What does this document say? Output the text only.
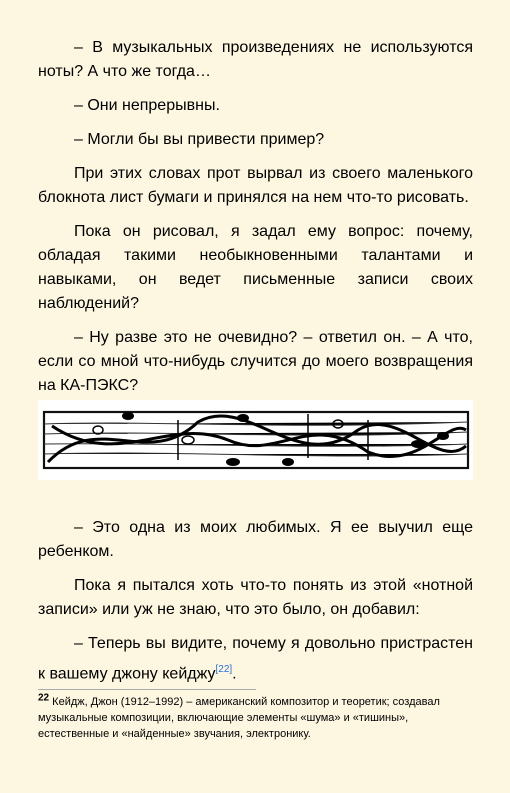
– В музыкальных произведениях не используются ноты? А что же тогда…

– Они непрерывны.

– Могли бы вы привести пример?

При этих словах прот вырвал из своего маленького блокнота лист бумаги и принялся на нем что-то рисовать.

Пока он рисовал, я задал ему вопрос: почему, обладая такими необыкновенными талантами и навыками, он ведет письменные записи своих наблюдений?

– Ну разве это не очевидно? – ответил он. – А что, если со мной что-нибудь случится до моего возвращения на КА-ПЭКС?

– Это одна из моих любимых. Я ее выучил еще ребенком.

Пока я пытался хоть что-то понять из этой «нотной записи» или уж не знаю, что это было, он добавил:

– Теперь вы видите, почему я довольно пристрастен к вашему джону кейджу[22].

22 Кейдж, Джон (1912–1992) – американский композитор и теоретик; создавал музыкальные композиции, включающие элементы «шума» и «тишины», естественные и «найденные» звучания, электронику.
